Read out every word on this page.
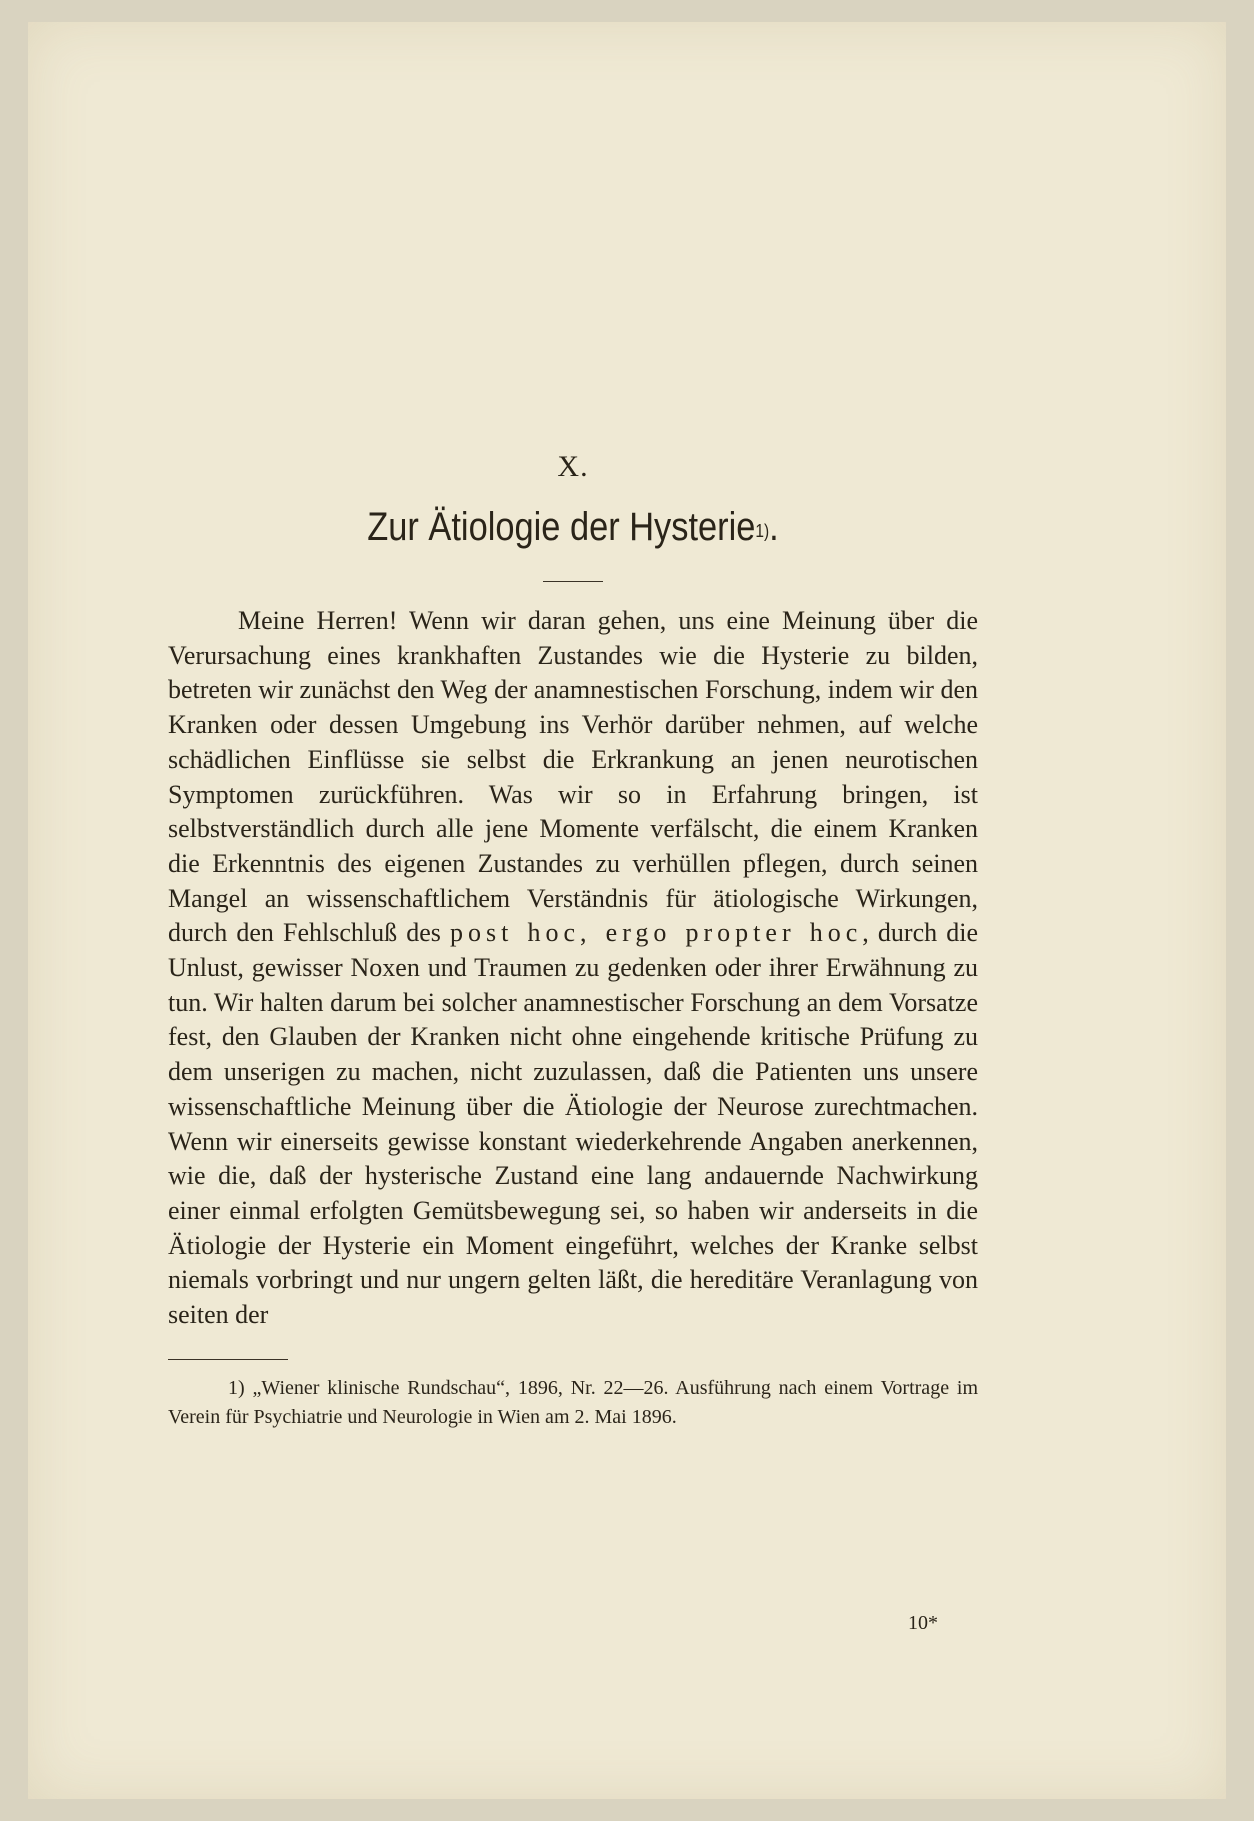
X.
Zur Ätiologie der Hysterie$^{1)}$.

Meine Herren! Wenn wir daran gehen, uns eine Meinung über die Verursachung eines krankhaften Zustandes wie die Hysterie zu bilden, betreten wir zunächst den Weg der anamnestischen Forschung, indem wir den Kranken oder dessen Umgebung ins Verhör darüber nehmen, auf welche schädlichen Einflüsse sie selbst die Erkrankung an jenen neurotischen Symptomen zurückführen. Was wir so in Erfahrung bringen, ist selbstverständlich durch alle jene Momente verfälscht, die einem Kranken die Erkenntnis des eigenen Zustandes zu verhüllen pflegen, durch seinen Mangel an wissenschaftlichem Verständnis für ätiologische Wirkungen, durch den Fehlschluß des post hoc, ergo propter hoc, durch die Unlust, gewisser Noxen und Traumen zu gedenken oder ihrer Erwähnung zu tun. Wir halten darum bei solcher anamnestischer Forschung an dem Vorsatze fest, den Glauben der Kranken nicht ohne eingehende kritische Prüfung zu dem unserigen zu machen, nicht zuzulassen, daß die Patienten uns unsere wissenschaftliche Meinung über die Ätiologie der Neurose zurechtmachen. Wenn wir einerseits gewisse konstant wiederkehrende Angaben anerkennen, wie die, daß der hysterische Zustand eine lang andauernde Nachwirkung einer einmal erfolgten Gemütsbewegung sei, so haben wir anderseits in die Ätiologie der Hysterie ein Moment eingeführt, welches der Kranke selbst niemals vorbringt und nur ungern gelten läßt, die hereditäre Veranlagung von seiten der

1) „Wiener klinische Rundschau“, 1896, Nr. 22—26. Ausführung nach einem Vortrage im Verein für Psychiatrie und Neurologie in Wien am 2. Mai 1896.

10*
